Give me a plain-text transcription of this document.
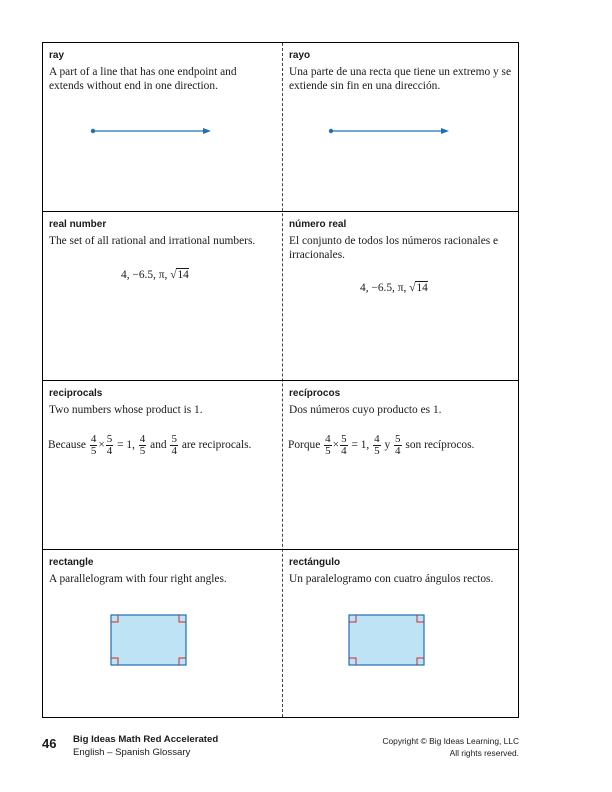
ray

A part of a line that has one endpoint and extends without end in one direction.

rayo

Una parte de una recta que tiene un extremo y se extiende sin fin en una dirección.

real number

The set of all rational and irrational numbers.

4, −6.5, π, √14
número real

El conjunto de todos los números racionales e irracionales.

4, −6.5, π, √14
reciprocals

Two numbers whose product is 1.

Because $\frac{4}{5} \times \frac{5}{4} = 1$, $\frac{4}{5}$ and $\frac{5}{4}$ are reciprocals.
recíprocos

Dos números cuyo producto es 1.

Porque $\frac{4}{5} \times \frac{5}{4} = 1$, $\frac{4}{5}$ y $\frac{5}{4}$ son recíprocos.
rectangle

A parallelogram with four right angles.

rectángulo

Un paralelogramo con cuatro ángulos rectos.

46 Big Ideas Math Red Accelerated
English – Spanish Glossary
Copyright © Big Ideas Learning, LLC
All rights reserved.
